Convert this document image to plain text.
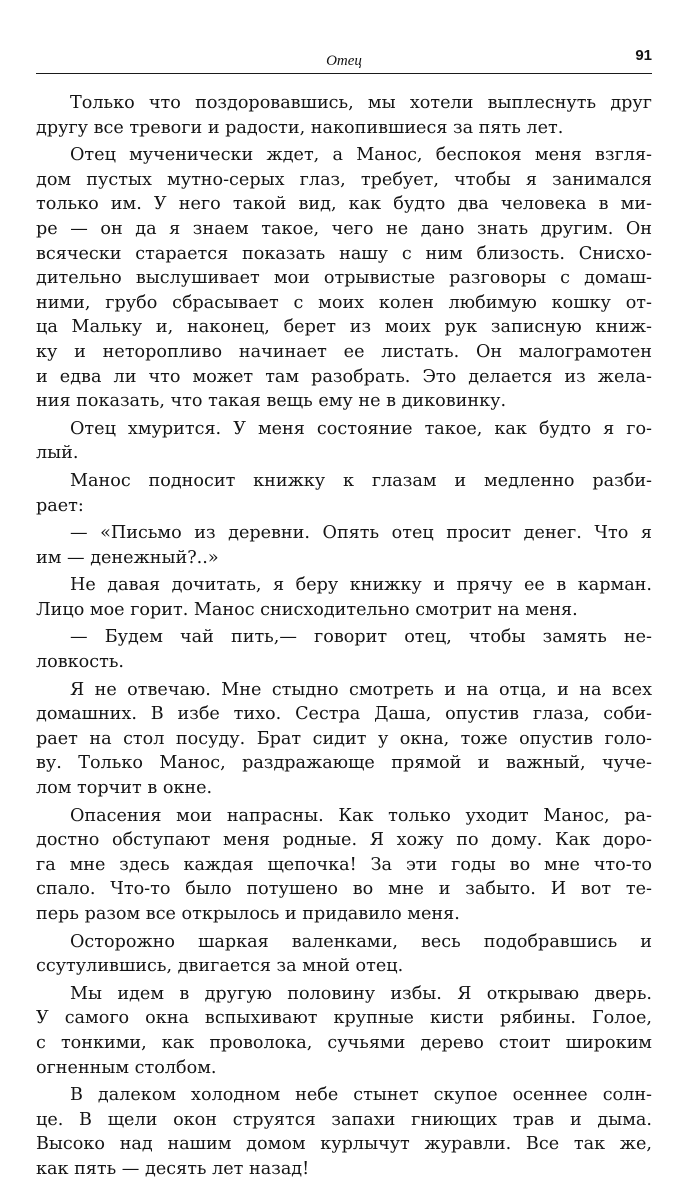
Отец	91
Только что поздоровавшись, мы хотели выплеснуть друг
другу все тревоги и радости, накопившиеся за пять лет.
Отец мученически ждет, а Манос, беспокоя меня взгля-
дом пустых мутно-серых глаз, требует, чтобы я занимался
только им. У него такой вид, как будто два человека в ми-
ре — он да я знаем такое, чего не дано знать другим. Он
всячески старается показать нашу с ним близость. Снисхо-
дительно выслушивает мои отрывистые разговоры с домаш-
ними, грубо сбрасывает с моих колен любимую кошку от-
ца Мальку и, наконец, берет из моих рук записную книж-
ку и неторопливо начинает ее листать. Он малограмотен
и едва ли что может там разобрать. Это делается из жела-
ния показать, что такая вещь ему не в диковинку.
Отец хмурится. У меня состояние такое, как будто я го-
лый.
Манос подносит книжку к глазам и медленно разби-
рает:
— «Письмо из деревни. Опять отец просит денег. Что я
им — денежный?..»
Не давая дочитать, я беру книжку и прячу ее в карман.
Лицо мое горит. Манос снисходительно смотрит на меня.
— Будем чай пить,— говорит отец, чтобы замять не-
ловкость.
Я не отвечаю. Мне стыдно смотреть и на отца, и на всех
домашних. В избе тихо. Сестра Даша, опустив глаза, соби-
рает на стол посуду. Брат сидит у окна, тоже опустив голо-
ву. Только Манос, раздражающе прямой и важный, чуче-
лом торчит в окне.
Опасения мои напрасны. Как только уходит Манос, ра-
достно обступают меня родные. Я хожу по дому. Как доро-
га мне здесь каждая щепочка! За эти годы во мне что-то
спало. Что-то было потушено во мне и забыто. И вот те-
перь разом все открылось и придавило меня.
Осторожно шаркая валенками, весь подобравшись и
ссутулившись, двигается за мной отец.
Мы идем в другую половину избы. Я открываю дверь.
У самого окна вспыхивают крупные кисти рябины. Голое,
с тонкими, как проволока, сучьями дерево стоит широким
огненным столбом.
В далеком холодном небе стынет скупое осеннее солн-
це. В щели окон струятся запахи гниющих трав и дыма.
Высоко над нашим домом курлычут журавли. Все так же,
как пять — десять лет назад!
